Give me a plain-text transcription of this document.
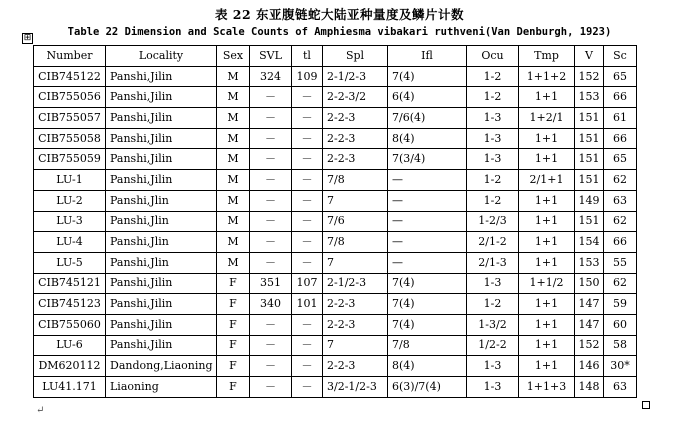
表 22 东亚腹链蛇大陆亚种量度及鳞片计数
Table 22 Dimension and Scale Counts of Amphiesma vibakari ruthveni(Van Denburgh, 1923)
⊞
Number	Locality	Sex	SVL	tl	Spl	Ifl	Ocu	Tmp	V	Sc
CIB745122	Panshi,Jilin	M	324	109	2-1/2-3	7(4)	1-2	1+1+2	152	65
CIB755056	Panshi,Jilin	M	－	－	2-2-3/2	6(4)	1-2	1+1	153	66
CIB755057	Panshi,Jilin	M	－	－	2-2-3	7/6(4)	1-3	1+2/1	151	61
CIB755058	Panshi,Jilin	M	－	－	2-2-3	8(4)	1-3	1+1	151	66
CIB755059	Panshi,Jilin	M	－	－	2-2-3	7(3/4)	1-3	1+1	151	65
LU-1	Panshi,Jilin	M	－	－	7/8	—	1-2	2/1+1	151	62
LU-2	Panshi,Jlin	M	－	－	7	—	1-2	1+1	149	63
LU-3	Panshi,Jlin	M	－	－	7/6	—	1-2/3	1+1	151	62
LU-4	Panshi,Jlin	M	－	－	7/8	—	2/1-2	1+1	154	66
LU-5	Panshi,Jlin	M	－	－	7	—	2/1-3	1+1	153	55
CIB745121	Panshi,Jilin	F	351	107	2-1/2-3	7(4)	1-3	1+1/2	150	62
CIB745123	Panshi,Jilin	F	340	101	2-2-3	7(4)	1-2	1+1	147	59
CIB755060	Panshi,Jilin	F	－	－	2-2-3	7(4)	1-3/2	1+1	147	60
LU-6	Panshi,Jilin	F	－	－	7	7/8	1/2-2	1+1	152	58
DM620112	Dandong,Liaoning	F	－	－	2-2-3	8(4)	1-3	1+1	146	30*
LU41.171	Liaoning	F	－	－	3/2-1/2-3	6(3)/7(4)	1-3	1+1+3	148	63
↵
